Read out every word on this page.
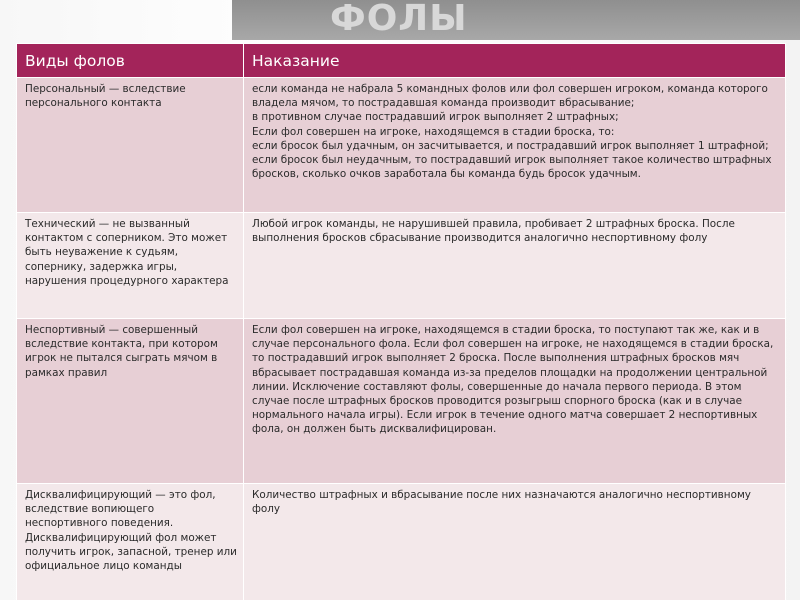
ФОЛЫ
Виды фолов	Наказание
Персональный — вследствие персонального контакта	если команда не набрала 5 командных фолов или фол совершен игроком, команда которого владела мячом, то пострадавшая команда производит вбрасывание;
в противном случае пострадавший игрок выполняет 2 штрафных;
Если фол совершен на игроке, находящемся в стадии броска, то:
если бросок был удачным, он засчитывается, и пострадавший игрок выполняет 1 штрафной;
если бросок был неудачным, то пострадавший игрок выполняет такое количество штрафных бросков, сколько очков заработала бы команда будь бросок удачным.

Технический — не вызванный контактом с соперником. Это может быть неуважение к судьям, сопернику, задержка игры, нарушения процедурного характера	Любой игрок команды, не нарушившей правила, пробивает 2 штрафных броска. После выполнения бросков сбрасывание производится аналогично неспортивному фолу

Неспортивный — совершенный вследствие контакта, при котором игрок не пытался сыграть мячом в рамках правил	Если фол совершен на игроке, находящемся в стадии броска, то поступают так же, как и в случае персонального фола. Если фол совершен на игроке, не находящемся в стадии броска, то пострадавший игрок выполняет 2 броска. После выполнения штрафных бросков мяч вбрасывает пострадавшая команда из-за пределов площадки на продолжении центральной линии. Исключение составляют фолы, совершенные до начала первого периода. В этом случае после штрафных бросков проводится розыгрыш спорного броска (как и в случае нормального начала игры). Если игрок в течение одного матча совершает 2 неспортивных фола, он должен быть дисквалифицирован.

Дисквалифицирующий — это фол, вследствие вопиющего неспортивного поведения. Дисквалифицирующий фол может получить игрок, запасной, тренер или официальное лицо команды	Количество штрафных и вбрасывание после них назначаются аналогично неспортивному фолу
